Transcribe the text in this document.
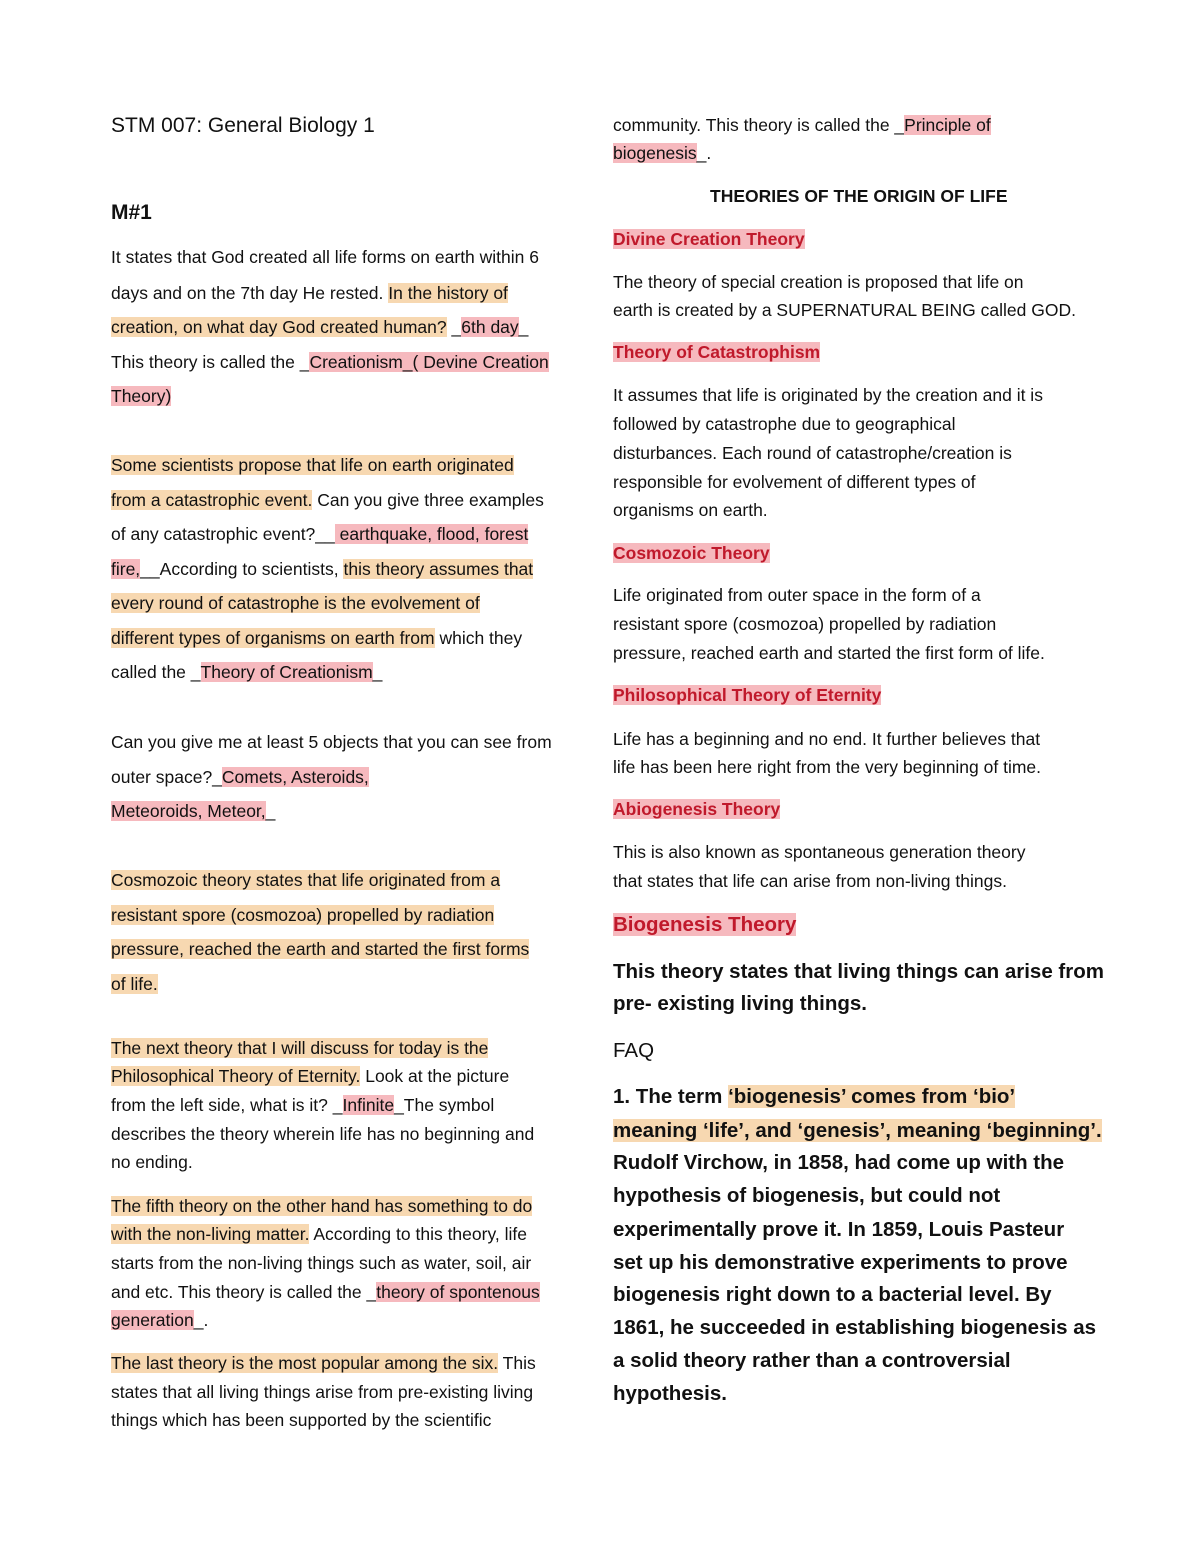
STM 007: General Biology 1
M#1
It states that God created all life forms on earth within 6
days and on the 7th day He rested. In the history of
creation, on what day God created human? _6th day_
This theory is called the _Creationism_( Devine Creation
Theory)
Some scientists propose that life on earth originated
from a catastrophic event. Can you give three examples
of any catastrophic event?__ earthquake, flood, forest
fire,__According to scientists, this theory assumes that
every round of catastrophe is the evolvement of
different types of organisms on earth from which they
called the _Theory of Creationism_
Can you give me at least 5 objects that you can see from
outer space?_Comets, Asteroids,
Meteoroids, Meteor,_
Cosmozoic theory states that life originated from a
resistant spore (cosmozoa) propelled by radiation
pressure, reached the earth and started the first forms
of life.
The next theory that I will discuss for today is the
Philosophical Theory of Eternity. Look at the picture
from the left side, what is it? _Infinite_The symbol
describes the theory wherein life has no beginning and
no ending.
The fifth theory on the other hand has something to do
with the non-living matter. According to this theory, life
starts from the non-living things such as water, soil, air
and etc. This theory is called the _theory of spontenous
generation_.
The last theory is the most popular among the six. This
states that all living things arise from pre-existing living
things which has been supported by the scientific
community. This theory is called the _Principle of
biogenesis_.
THEORIES OF THE ORIGIN OF LIFE
Divine Creation Theory
The theory of special creation is proposed that life on
earth is created by a SUPERNATURAL BEING called GOD.
Theory of Catastrophism
It assumes that life is originated by the creation and it is
followed by catastrophe due to geographical
disturbances. Each round of catastrophe/creation is
responsible for evolvement of different types of
organisms on earth.
Cosmozoic Theory
Life originated from outer space in the form of a
resistant spore (cosmozoa) propelled by radiation
pressure, reached earth and started the first form of life.
Philosophical Theory of Eternity
Life has a beginning and no end. It further believes that
life has been here right from the very beginning of time.
Abiogenesis Theory
This is also known as spontaneous generation theory
that states that life can arise from non-living things.
Biogenesis Theory
This theory states that living things can arise from
pre- existing living things.
FAQ
1. The term ‘biogenesis’ comes from ‘bio’
meaning ‘life’, and ‘genesis’, meaning ‘beginning’.
Rudolf Virchow, in 1858, had come up with the
hypothesis of biogenesis, but could not
experimentally prove it. In 1859, Louis Pasteur
set up his demonstrative experiments to prove
biogenesis right down to a bacterial level. By
1861, he succeeded in establishing biogenesis as
a solid theory rather than a controversial
hypothesis.
